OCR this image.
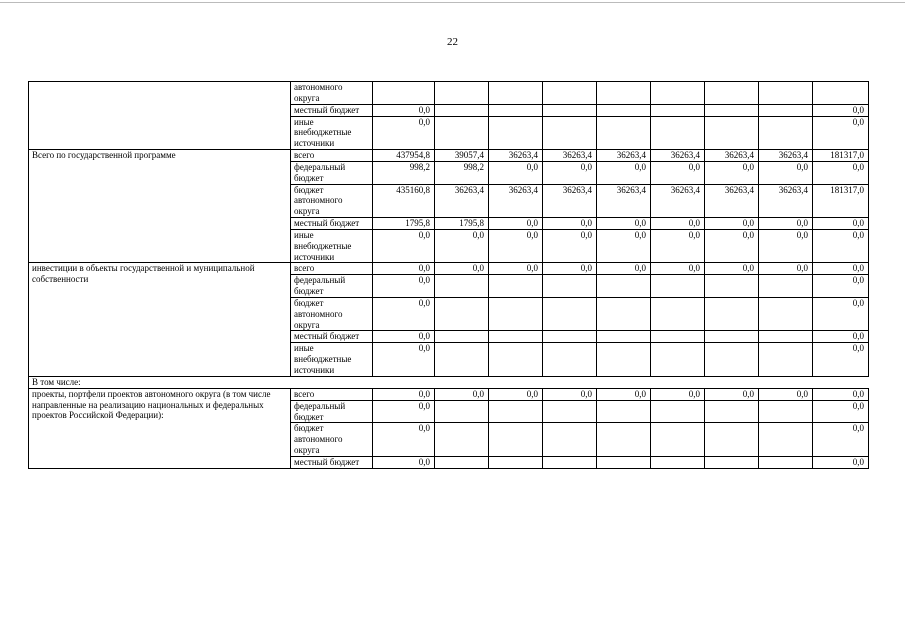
22
	автономного округа									
	местный бюджет	0,0								0,0
	иные внебюджетные источники	0,0								0,0
Всего по государственной программе	всего	437954,8	39057,4	36263,4	36263,4	36263,4	36263,4	36263,4	36263,4	181317,0
	федеральный бюджет	998,2	998,2	0,0	0,0	0,0	0,0	0,0	0,0	0,0
	бюджет автономного округа	435160,8	36263,4	36263,4	36263,4	36263,4	36263,4	36263,4	36263,4	181317,0
	местный бюджет	1795,8	1795,8	0,0	0,0	0,0	0,0	0,0	0,0	0,0
	иные внебюджетные источники	0,0	0,0	0,0	0,0	0,0	0,0	0,0	0,0	0,0
инвестиции в объекты государственной и муниципальной собственности	всего	0,0	0,0	0,0	0,0	0,0	0,0	0,0	0,0	0,0
	федеральный бюджет	0,0								0,0
	бюджет автономного округа	0,0								0,0
	местный бюджет	0,0								0,0
	иные внебюджетные источники	0,0								0,0
В том числе:										
проекты, портфели проектов автономного округа (в том числе направленные на реализацию национальных и федеральных проектов Российской Федерации):	всего	0,0	0,0	0,0	0,0	0,0	0,0	0,0	0,0	0,0
	федеральный бюджет	0,0								0,0
	бюджет автономного округа	0,0								0,0
	местный бюджет	0,0								0,0
